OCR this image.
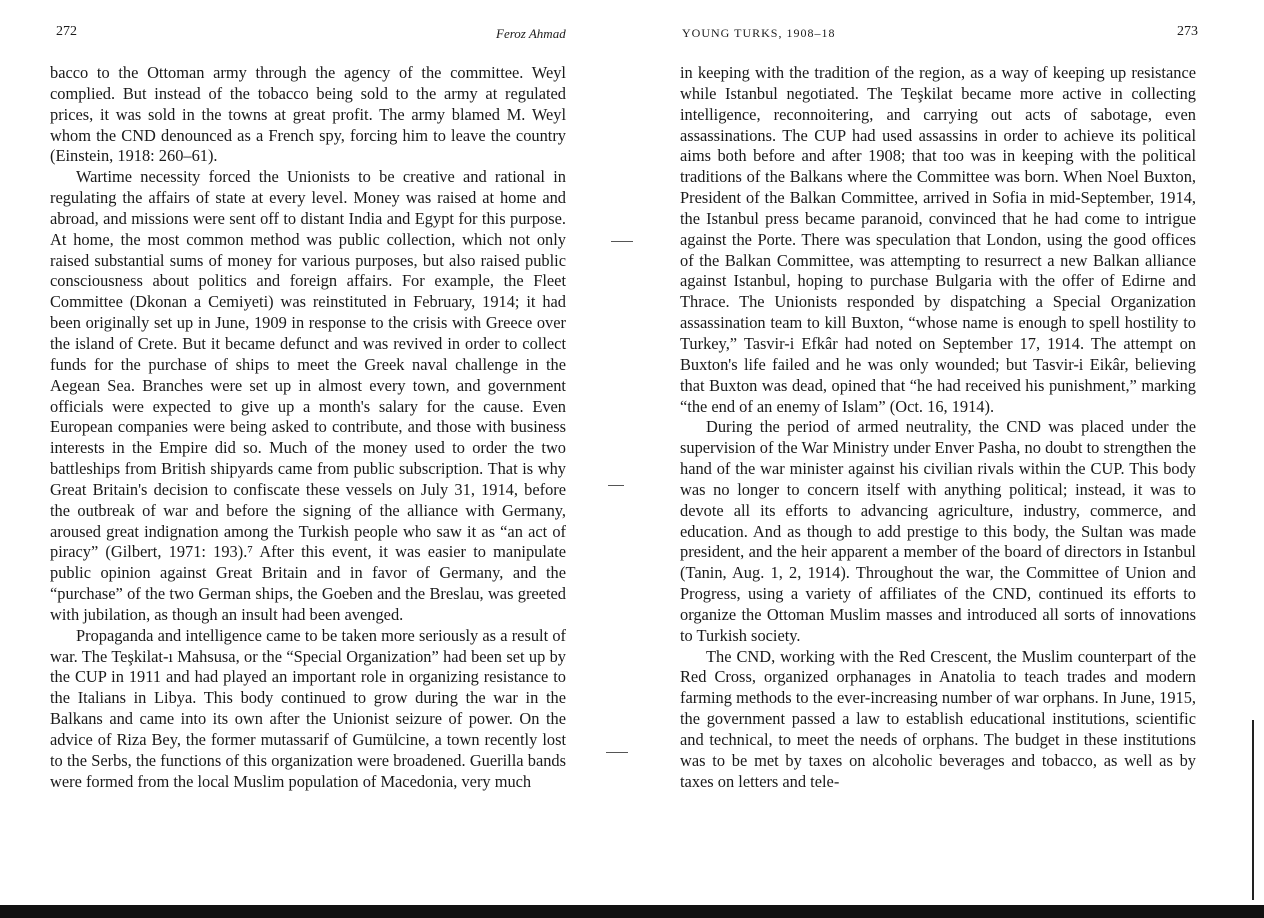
272	Feroz Ahmad

bacco to the Ottoman army through the agency of the committee. Weyl complied. But instead of the tobacco being sold to the army at regulated prices, it was sold in the towns at great profit. The army blamed M. Weyl whom the CND denounced as a French spy, forcing him to leave the country (Einstein, 1918: 260–61).

Wartime necessity forced the Unionists to be creative and rational in regulating the affairs of state at every level. Money was raised at home and abroad, and missions were sent off to distant India and Egypt for this purpose. At home, the most common method was public collection, which not only raised substantial sums of money for various purposes, but also raised public consciousness about politics and foreign affairs. For example, the Fleet Committee (Dkonan a Cemiyeti) was reinstituted in February, 1914; it had been originally set up in June, 1909 in response to the crisis with Greece over the island of Crete. But it became defunct and was revived in order to collect funds for the purchase of ships to meet the Greek naval challenge in the Aegean Sea. Branches were set up in almost every town, and government officials were expected to give up a month's salary for the cause. Even European companies were being asked to contribute, and those with business interests in the Empire did so. Much of the money used to order the two battleships from British shipyards came from public subscription. That is why Great Britain's decision to confiscate these vessels on July 31, 1914, before the outbreak of war and before the signing of the alliance with Germany, aroused great indignation among the Turkish people who saw it as “an act of piracy” (Gilbert, 1971: 193).⁷ After this event, it was easier to manipulate public opinion against Great Britain and in favor of Germany, and the “purchase” of the two German ships, the Goeben and the Breslau, was greeted with jubilation, as though an insult had been avenged.

Propaganda and intelligence came to be taken more seriously as a result of war. The Teşkilat-ı Mahsusa, or the “Special Organization” had been set up by the CUP in 1911 and had played an important role in organizing resistance to the Italians in Libya. This body continued to grow during the war in the Balkans and came into its own after the Unionist seizure of power. On the advice of Riza Bey, the former mutassarif of Gumülcine, a town recently lost to the Serbs, the functions of this organization were broadened. Guerilla bands were formed from the local Muslim population of Macedonia, very much

YOUNG TURKS, 1908–18	273

in keeping with the tradition of the region, as a way of keeping up resistance while Istanbul negotiated. The Teşkilat became more active in collecting intelligence, reconnoitering, and carrying out acts of sabotage, even assassinations. The CUP had used assassins in order to achieve its political aims both before and after 1908; that too was in keeping with the political traditions of the Balkans where the Committee was born. When Noel Buxton, President of the Balkan Committee, arrived in Sofia in mid-September, 1914, the Istanbul press became paranoid, convinced that he had come to intrigue against the Porte. There was speculation that London, using the good offices of the Balkan Committee, was attempting to resurrect a new Balkan alliance against Istanbul, hoping to purchase Bulgaria with the offer of Edirne and Thrace. The Unionists responded by dispatching a Special Organization assassination team to kill Buxton, “whose name is enough to spell hostility to Turkey,” Tasvir-i Efkâr had noted on September 17, 1914. The attempt on Buxton's life failed and he was only wounded; but Tasvir-i Eikâr, believing that Buxton was dead, opined that “he had received his punishment,” marking “the end of an enemy of Islam” (Oct. 16, 1914).

During the period of armed neutrality, the CND was placed under the supervision of the War Ministry under Enver Pasha, no doubt to strengthen the hand of the war minister against his civilian rivals within the CUP. This body was no longer to concern itself with anything political; instead, it was to devote all its efforts to advancing agriculture, industry, commerce, and education. And as though to add prestige to this body, the Sultan was made president, and the heir apparent a member of the board of directors in Istanbul (Tanin, Aug. 1, 2, 1914). Throughout the war, the Committee of Union and Progress, using a variety of affiliates of the CND, continued its efforts to organize the Ottoman Muslim masses and introduced all sorts of innovations to Turkish society.

The CND, working with the Red Crescent, the Muslim counterpart of the Red Cross, organized orphanages in Anatolia to teach trades and modern farming methods to the ever-increasing number of war orphans. In June, 1915, the government passed a law to establish educational institutions, scientific and technical, to meet the needs of orphans. The budget in these institutions was to be met by taxes on alcoholic beverages and tobacco, as well as by taxes on letters and tele-
